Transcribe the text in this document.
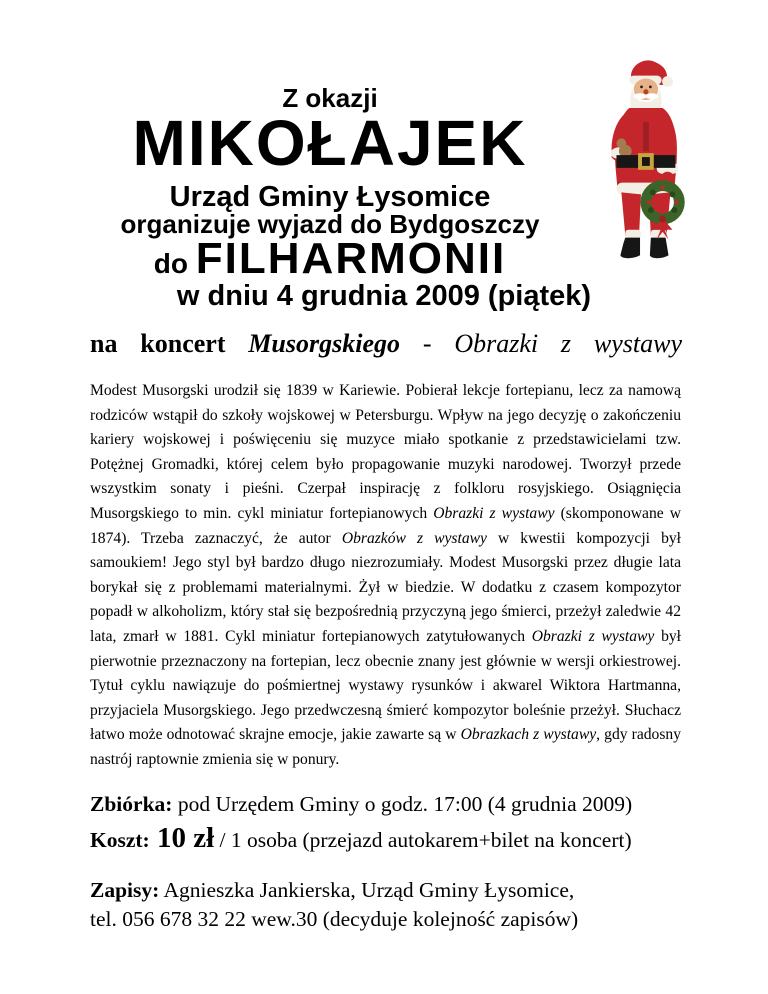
Z okazji
MIKOŁAJEK
Urząd Gminy Łysomice
organizuje wyjazd do Bydgoszczy
do FILHARMONII
w dniu 4 grudnia 2009 (piątek)
na koncert Musorgskiego - Obrazki z wystawy
Modest Musorgski urodził się 1839 w Kariewie. Pobierał lekcje fortepianu, lecz za namową rodziców wstąpił do szkoły wojskowej w Petersburgu. Wpływ na jego decyzję o zakończeniu kariery wojskowej i poświęceniu się muzyce miało spotkanie z przedstawicielami tzw. Potężnej Gromadki, której celem było propagowanie muzyki narodowej. Tworzył przede wszystkim sonaty i pieśni. Czerpał inspirację z folkloru rosyjskiego. Osiągnięcia Musorgskiego to min. cykl miniatur fortepianowych Obrazki z wystawy (skomponowane w 1874). Trzeba zaznaczyć, że autor Obrazków z wystawy w kwestii kompozycji był samoukiem! Jego styl był bardzo długo niezrozumiały. Modest Musorgski przez długie lata borykał się z problemami materialnymi. Żył w biedzie. W dodatku z czasem kompozytor popadł w alkoholizm, który stał się bezpośrednią przyczyną jego śmierci, przeżył zaledwie 42 lata, zmarł w 1881. Cykl miniatur fortepianowych zatytułowanych Obrazki z wystawy był pierwotnie przeznaczony na fortepian, lecz obecnie znany jest głównie w wersji orkiestrowej. Tytuł cyklu nawiązuje do pośmiertnej wystawy rysunków i akwarel Wiktora Hartmanna, przyjaciela Musorgskiego. Jego przedwczesną śmierć kompozytor boleśnie przeżył. Słuchacz łatwo może odnotować skrajne emocje, jakie zawarte są w Obrazkach z wystawy, gdy radosny nastrój raptownie zmienia się w ponury.
Zbiórka: pod Urzędem Gminy o godz. 17:00 (4 grudnia 2009)
Koszt: 10 zł / 1 osoba (przejazd autokarem+bilet na koncert)
Zapisy: Agnieszka Jankierska, Urząd Gminy Łysomice,
tel. 056 678 32 22 wew.30 (decyduje kolejność zapisów)
